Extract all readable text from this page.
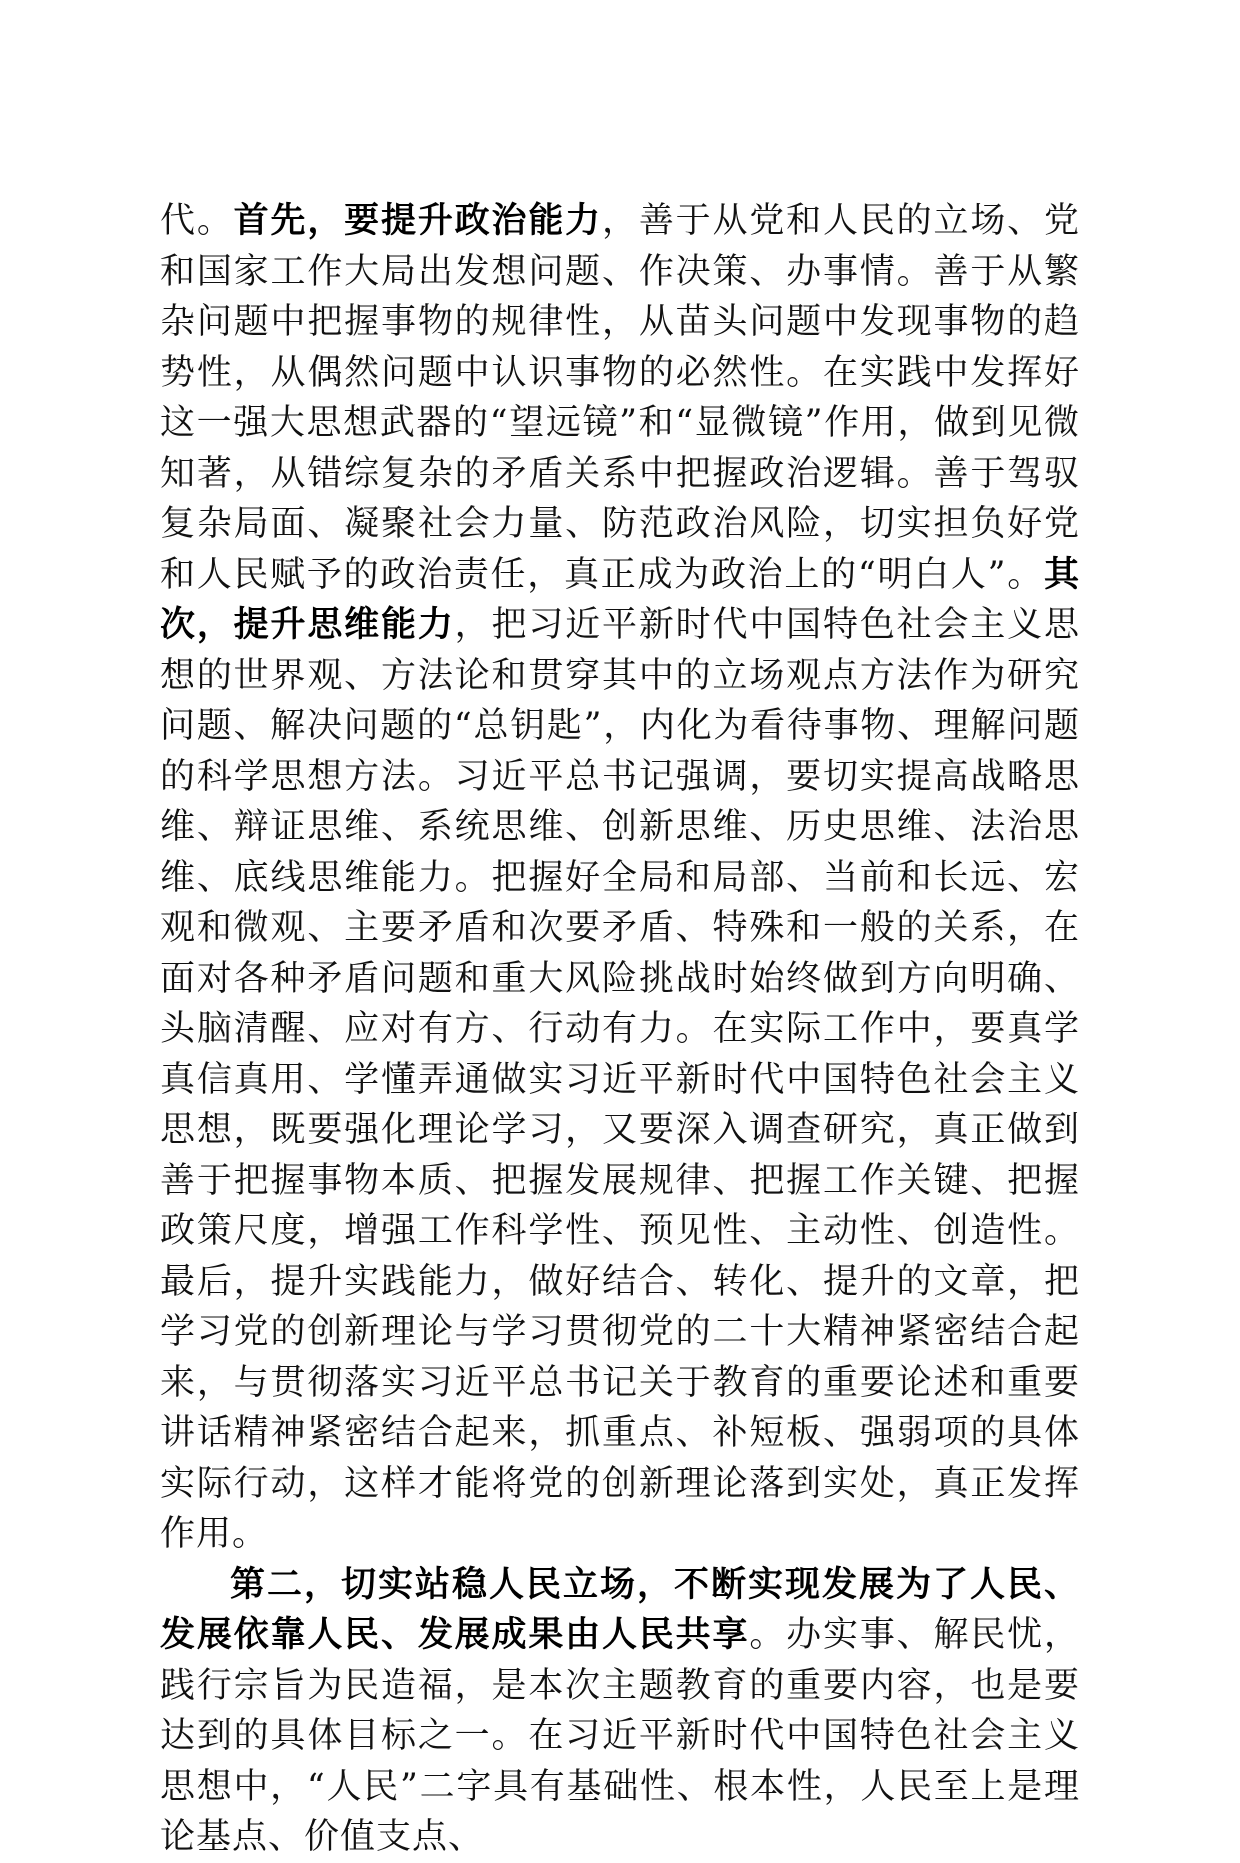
代。首先，要提升政治能力，善于从党和人民的立场、党和国家工作大局出发想问题、作决策、办事情。善于从繁杂问题中把握事物的规律性，从苗头问题中发现事物的趋势性，从偶然问题中认识事物的必然性。在实践中发挥好这一强大思想武器的“望远镜”和“显微镜”作用，做到见微知著，从错综复杂的矛盾关系中把握政治逻辑。善于驾驭复杂局面、凝聚社会力量、防范政治风险，切实担负好党和人民赋予的政治责任，真正成为政治上的“明白人”。其次，提升思维能力，把习近平新时代中国特色社会主义思想的世界观、方法论和贯穿其中的立场观点方法作为研究问题、解决问题的“总钥匙”，内化为看待事物、理解问题的科学思想方法。习近平总书记强调，要切实提高战略思维、辩证思维、系统思维、创新思维、历史思维、法治思维、底线思维能力。把握好全局和局部、当前和长远、宏观和微观、主要矛盾和次要矛盾、特殊和一般的关系，在面对各种矛盾问题和重大风险挑战时始终做到方向明确、头脑清醒、应对有方、行动有力。在实际工作中，要真学真信真用、学懂弄通做实习近平新时代中国特色社会主义思想，既要强化理论学习，又要深入调查研究，真正做到善于把握事物本质、把握发展规律、把握工作关键、把握政策尺度，增强工作科学性、预见性、主动性、创造性。最后，提升实践能力，做好结合、转化、提升的文章，把学习党的创新理论与学习贯彻党的二十大精神紧密结合起来，与贯彻落实习近平总书记关于教育的重要论述和重要讲话精神紧密结合起来，抓重点、补短板、强弱项的具体实际行动，这样才能将党的创新理论落到实处，真正发挥作用。

第二，切实站稳人民立场，不断实现发展为了人民、发展依靠人民、发展成果由人民共享。办实事、解民忧，践行宗旨为民造福，是本次主题教育的重要内容，也是要达到的具体目标之一。在习近平新时代中国特色社会主义思想中，“人民”二字具有基础性、根本性，人民至上是理论基点、价值支点、
